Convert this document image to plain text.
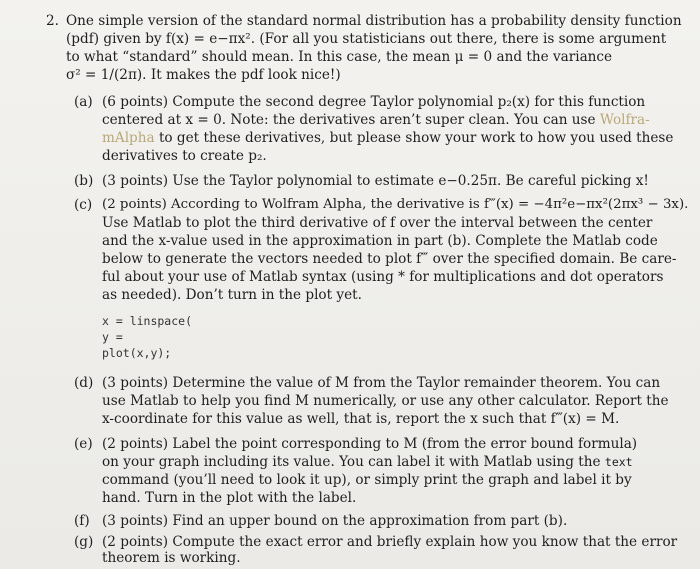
2. One simple version of the standard normal distribution has a probability density function
(pdf) given by f(x) = e−πx². (For all you statisticians out there, there is some argument
to what “standard” should mean. In this case, the mean μ = 0 and the variance
σ² = 1/(2π). It makes the pdf look nice!)
(a) (6 points) Compute the second degree Taylor polynomial p₂(x) for this function
centered at x = 0. Note: the derivatives aren’t super clean. You can use Wolfra-
mAlpha to get these derivatives, but please show your work to how you used these
derivatives to create p₂.
(b) (3 points) Use the Taylor polynomial to estimate e−0.25π. Be careful picking x!
(c) (2 points) According to Wolfram Alpha, the derivative is f‴(x) = −4π²e−πx²(2πx³ − 3x).
Use Matlab to plot the third derivative of f over the interval between the center
and the x-value used in the approximation in part (b). Complete the Matlab code
below to generate the vectors needed to plot f‴ over the specified domain. Be care-
ful about your use of Matlab syntax (using * for multiplications and dot operators
as needed). Don’t turn in the plot yet.
x = linspace(
y =
plot(x,y);
(d) (3 points) Determine the value of M from the Taylor remainder theorem. You can
use Matlab to help you find M numerically, or use any other calculator. Report the
x-coordinate for this value as well, that is, report the x such that f‴(x) = M.
(e) (2 points) Label the point corresponding to M (from the error bound formula)
on your graph including its value. You can label it with Matlab using the text
command (you’ll need to look it up), or simply print the graph and label it by
hand. Turn in the plot with the label.
(f) (3 points) Find an upper bound on the approximation from part (b).
(g) (2 points) Compute the exact error and briefly explain how you know that the error
theorem is working.
